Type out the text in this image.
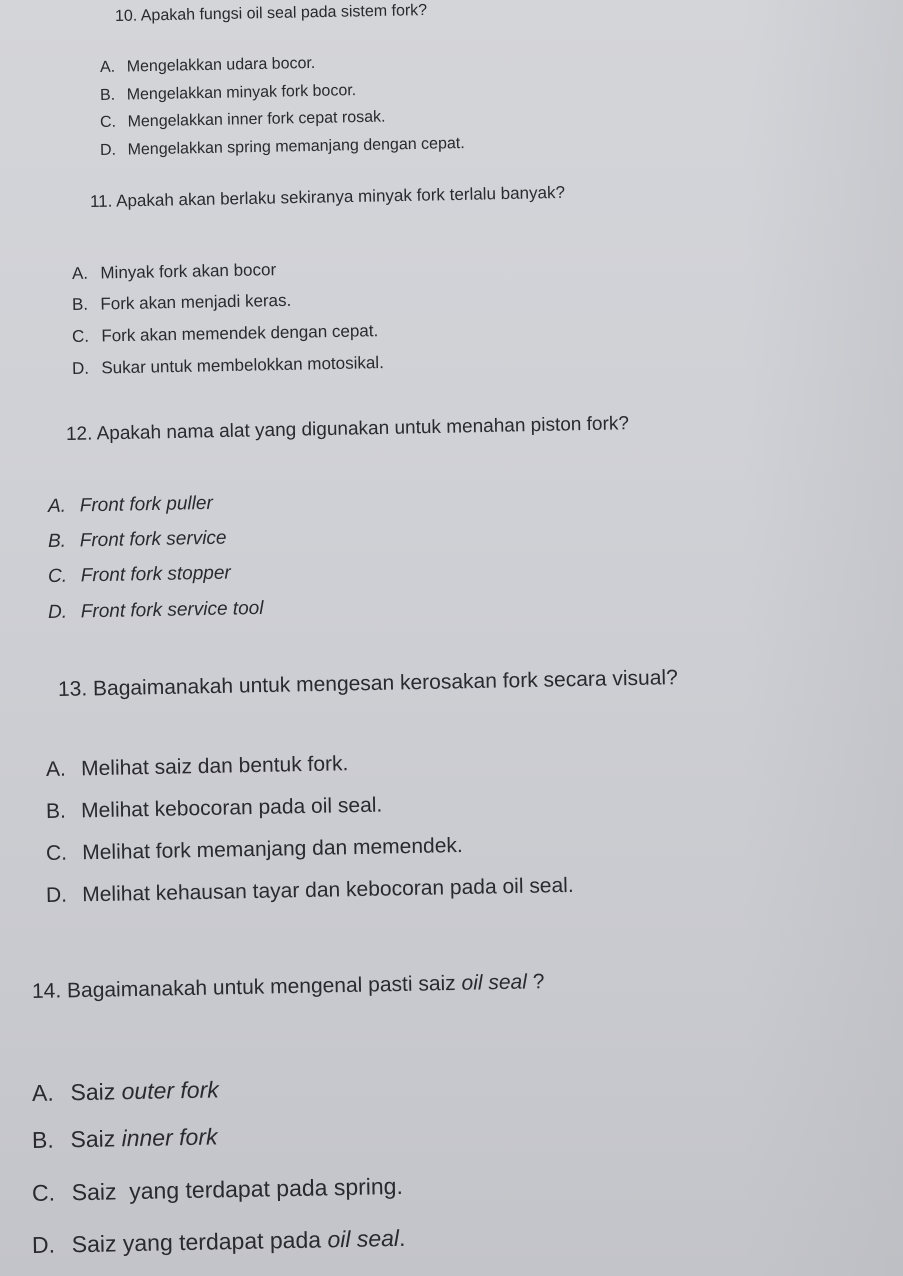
10. Apakah fungsi oil seal pada sistem fork?
A. Mengelakkan udara bocor.
B. Mengelakkan minyak fork bocor.
C. Mengelakkan inner fork cepat rosak.
D. Mengelakkan spring memanjang dengan cepat.
11. Apakah akan berlaku sekiranya minyak fork terlalu banyak?
A. Minyak fork akan bocor
B. Fork akan menjadi keras.
C. Fork akan memendek dengan cepat.
D. Sukar untuk membelokkan motosikal.
12. Apakah nama alat yang digunakan untuk menahan piston fork?
A. Front fork puller
B. Front fork service
C. Front fork stopper
D. Front fork service tool
13. Bagaimanakah untuk mengesan kerosakan fork secara visual?
A. Melihat saiz dan bentuk fork.
B. Melihat kebocoran pada oil seal.
C. Melihat fork memanjang dan memendek.
D. Melihat kehausan tayar dan kebocoran pada oil seal.
14. Bagaimanakah untuk mengenal pasti saiz oil seal ?
A. Saiz outer fork
B. Saiz inner fork
C. Saiz  yang terdapat pada spring.
D. Saiz yang terdapat pada oil seal.
